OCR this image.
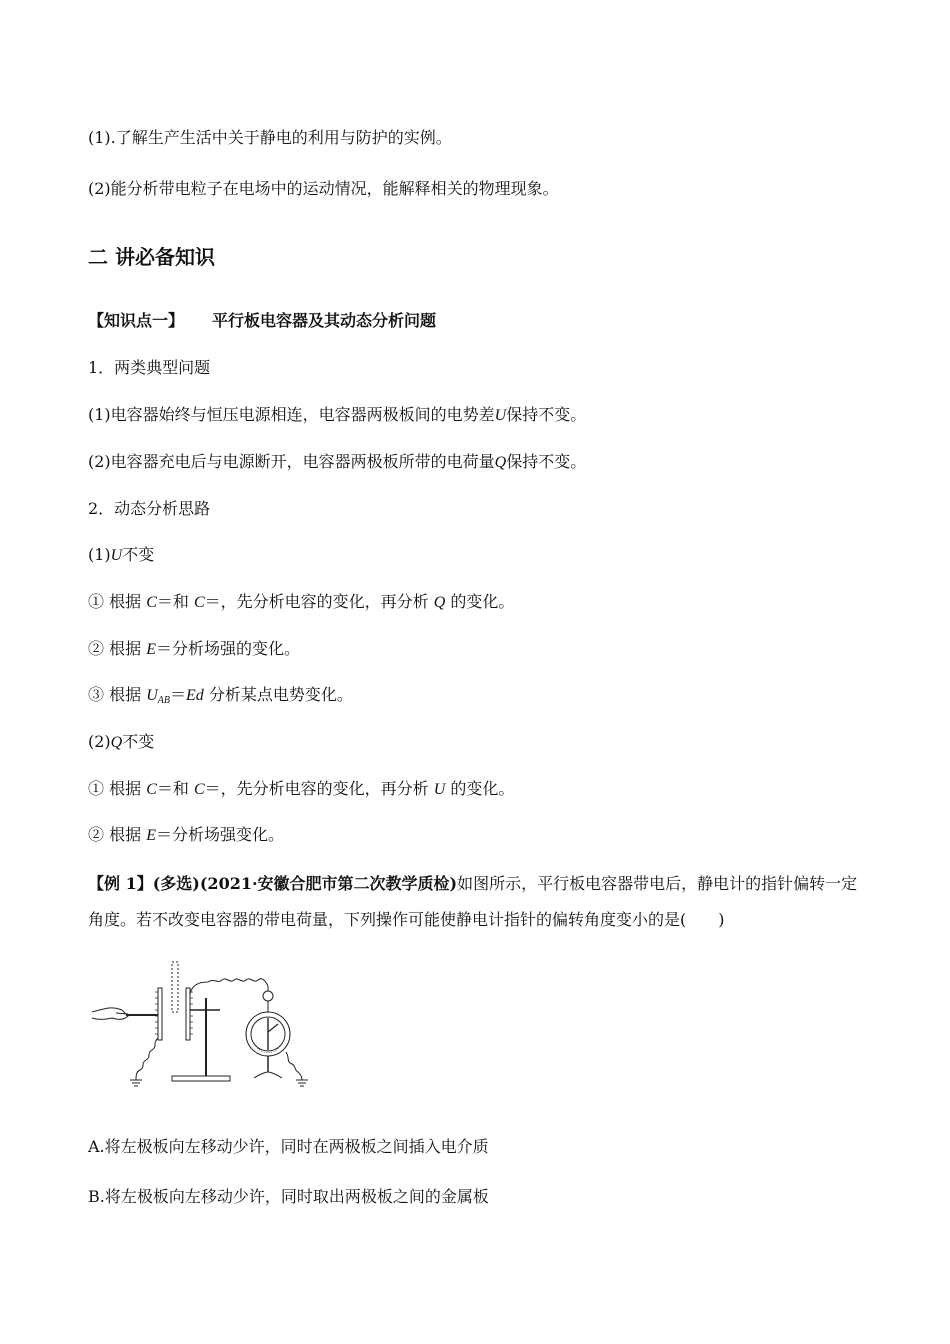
(1).了解生产生活中关于静电的利用与防护的实例。
(2)能分析带电粒子在电场中的运动情况，能解释相关的物理现象。
二 讲必备知识
【知识点一】 平行板电容器及其动态分析问题
1．两类典型问题
(1)电容器始终与恒压电源相连，电容器两极板间的电势差U保持不变。
(2)电容器充电后与电源断开，电容器两极板所带的电荷量Q保持不变。
2．动态分析思路
(1)U不变
① 根据 C＝和 C＝，先分析电容的变化，再分析 Q 的变化。
② 根据 E＝分析场强的变化。
③ 根据 $U_{AB}=Ed$ 分析某点电势变化。
(2)Q不变
① 根据 C＝和 C＝，先分析电容的变化，再分析 U 的变化。
② 根据 E＝分析场强变化。
【例 1】(多选)(2021·安徽合肥市第二次教学质检)如图所示，平行板电容器带电后，静电计的指针偏转一定
角度。若不改变电容器的带电荷量，下列操作可能使静电计指针的偏转角度变小的是(　　)
A.将左极板向左移动少许，同时在两极板之间插入电介质
B.将左极板向左移动少许，同时取出两极板之间的金属板
